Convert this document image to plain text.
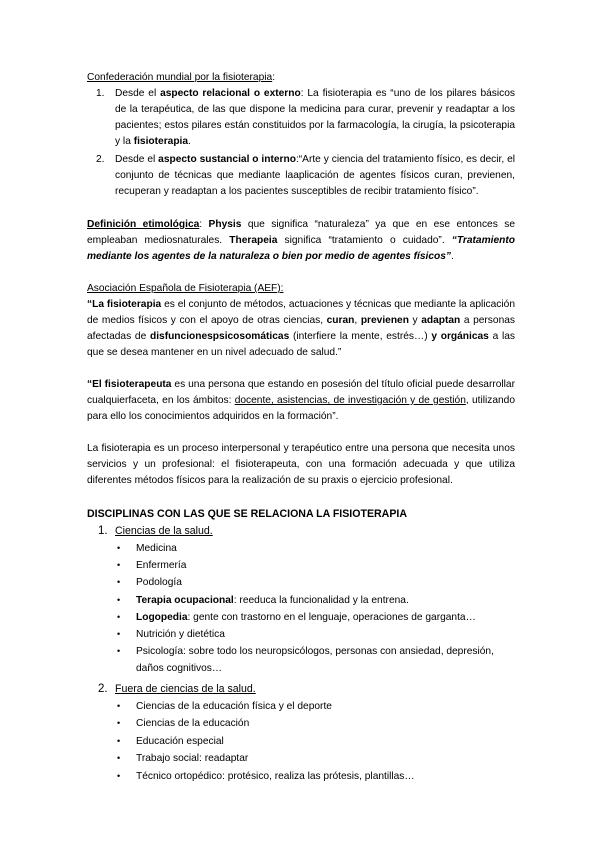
Confederación mundial por la fisioterapia:

1. Desde el aspecto relacional o externo: La fisioterapia es “uno de los pilares básicos de la terapéutica, de las que dispone la medicina para curar, prevenir y readaptar a los pacientes; estos pilares están constituidos por la farmacología, la cirugía, la psicoterapia y la fisioterapia.
2. Desde el aspecto sustancial o interno:“Arte y ciencia del tratamiento físico, es decir, el conjunto de técnicas que mediante laaplicación de agentes físicos curan, previenen, recuperan y readaptan a los pacientes susceptibles de recibir tratamiento físico”.

Definición etimológica: Physis que significa “naturaleza” ya que en ese entonces se empleaban mediosnaturales. Therapeia significa “tratamiento o cuidado”. “Tratamiento mediante los agentes de la naturaleza o bien por medio de agentes físicos”.

Asociación Española de Fisioterapia (AEF):

“La fisioterapia es el conjunto de métodos, actuaciones y técnicas que mediante la aplicación de medios físicos y con el apoyo de otras ciencias, curan, previenen y adaptan a personas afectadas de disfuncionespsicosomáticas (interfiere la mente, estrés…) y orgánicas a las que se desea mantener en un nivel adecuado de salud.”

“El fisioterapeuta es una persona que estando en posesión del título oficial puede desarrollar cualquierfaceta, en los ámbitos: docente, asistencias, de investigación y de gestión, utilizando para ello los conocimientos adquiridos en la formación”.

La fisioterapia es un proceso interpersonal y terapéutico entre una persona que necesita unos servicios y un profesional: el fisioterapeuta, con una formación adecuada y que utiliza diferentes métodos físicos para la realización de su praxis o ejercicio profesional.

DISCIPLINAS CON LAS QUE SE RELACIONA LA FISIOTERAPIA

1. Ciencias de la salud.

• Medicina
• Enfermería
• Podología
• Terapia ocupacional: reeduca la funcionalidad y la entrena.
• Logopedia: gente con trastorno en el lenguaje, operaciones de garganta…
• Nutrición y dietética
• Psicología: sobre todo los neuropsicólogos, personas con ansiedad, depresión, daños cognitivos…

2. Fuera de ciencias de la salud.

• Ciencias de la educación física y el deporte
• Ciencias de la educación
• Educación especial
• Trabajo social: readaptar
• Técnico ortopédico: protésico, realiza las prótesis, plantillas…
